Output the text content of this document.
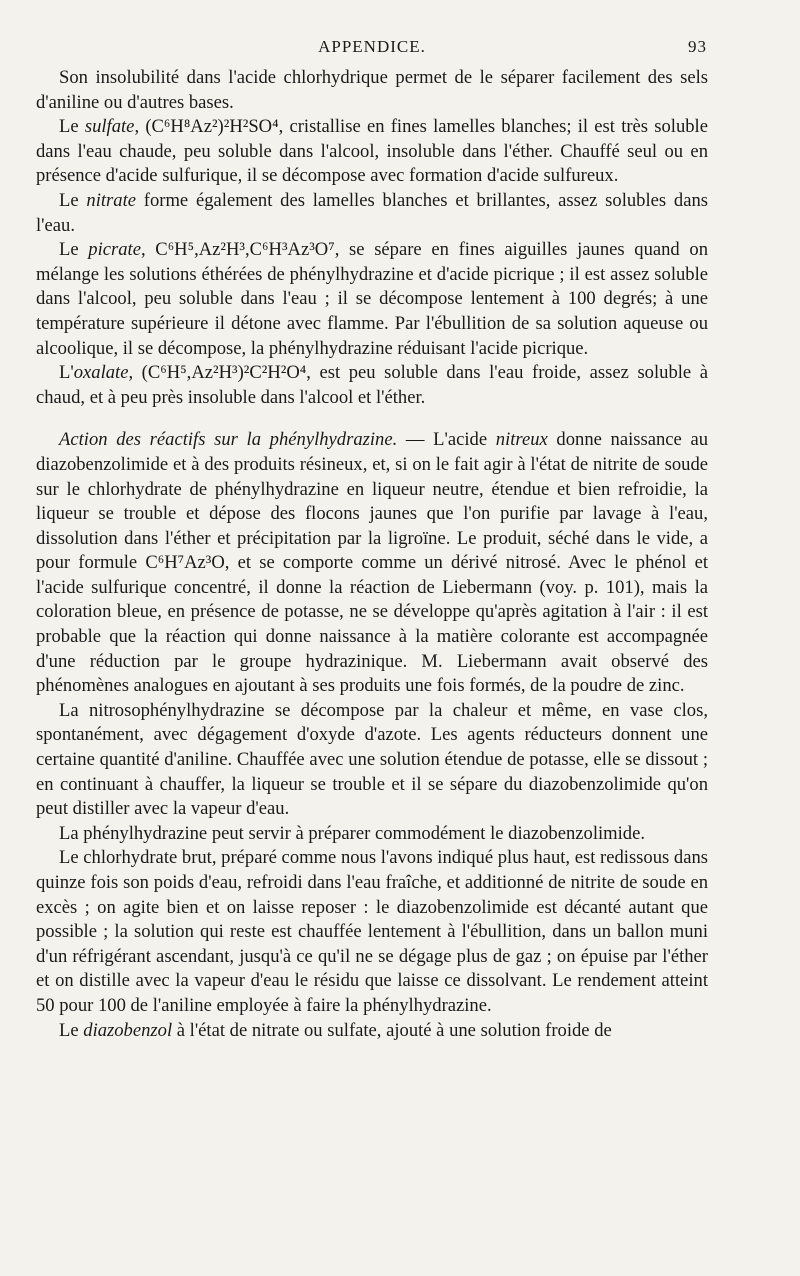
APPENDICE.	93

Son insolubilité dans l'acide chlorhydrique permet de le séparer facilement des sels d'aniline ou d'autres bases.

Le sulfate, (C⁶H⁸Az²)²H²SO⁴, cristallise en fines lamelles blanches; il est très soluble dans l'eau chaude, peu soluble dans l'alcool, insoluble dans l'éther. Chauffé seul ou en présence d'acide sulfurique, il se décompose avec formation d'acide sulfureux.

Le nitrate forme également des lamelles blanches et brillantes, assez solubles dans l'eau.

Le picrate, C⁶H⁵,Az²H³,C⁶H³Az³O⁷, se sépare en fines aiguilles jaunes quand on mélange les solutions éthérées de phénylhydrazine et d'acide picrique ; il est assez soluble dans l'alcool, peu soluble dans l'eau ; il se décompose lentement à 100 degrés; à une température supérieure il détone avec flamme. Par l'ébullition de sa solution aqueuse ou alcoolique, il se décompose, la phénylhydrazine réduisant l'acide picrique.

L'oxalate, (C⁶H⁵,Az²H³)²C²H²O⁴, est peu soluble dans l'eau froide, assez soluble à chaud, et à peu près insoluble dans l'alcool et l'éther.

Action des réactifs sur la phénylhydrazine. — L'acide nitreux donne naissance au diazobenzolimide et à des produits résineux, et, si on le fait agir à l'état de nitrite de soude sur le chlorhydrate de phénylhydrazine en liqueur neutre, étendue et bien refroidie, la liqueur se trouble et dépose des flocons jaunes que l'on purifie par lavage à l'eau, dissolution dans l'éther et précipitation par la ligroïne. Le produit, séché dans le vide, a pour formule C⁶H⁷Az³O, et se comporte comme un dérivé nitrosé. Avec le phénol et l'acide sulfurique concentré, il donne la réaction de Liebermann (voy. p. 101), mais la coloration bleue, en présence de potasse, ne se développe qu'après agitation à l'air : il est probable que la réaction qui donne naissance à la matière colorante est accompagnée d'une réduction par le groupe hydrazinique. M. Liebermann avait observé des phénomènes analogues en ajoutant à ses produits une fois formés, de la poudre de zinc.

La nitrosophénylhydrazine se décompose par la chaleur et même, en vase clos, spontanément, avec dégagement d'oxyde d'azote. Les agents réducteurs donnent une certaine quantité d'aniline. Chauffée avec une solution étendue de potasse, elle se dissout ; en continuant à chauffer, la liqueur se trouble et il se sépare du diazobenzolimide qu'on peut distiller avec la vapeur d'eau.

La phénylhydrazine peut servir à préparer commodément le diazobenzolimide.

Le chlorhydrate brut, préparé comme nous l'avons indiqué plus haut, est redissous dans quinze fois son poids d'eau, refroidi dans l'eau fraîche, et additionné de nitrite de soude en excès ; on agite bien et on laisse reposer : le diazobenzolimide est décanté autant que possible ; la solution qui reste est chauffée lentement à l'ébullition, dans un ballon muni d'un réfrigérant ascendant, jusqu'à ce qu'il ne se dégage plus de gaz ; on épuise par l'éther et on distille avec la vapeur d'eau le résidu que laisse ce dissolvant. Le rendement atteint 50 pour 100 de l'aniline employée à faire la phénylhydrazine.

Le diazobenzol à l'état de nitrate ou sulfate, ajouté à une solution froide de
